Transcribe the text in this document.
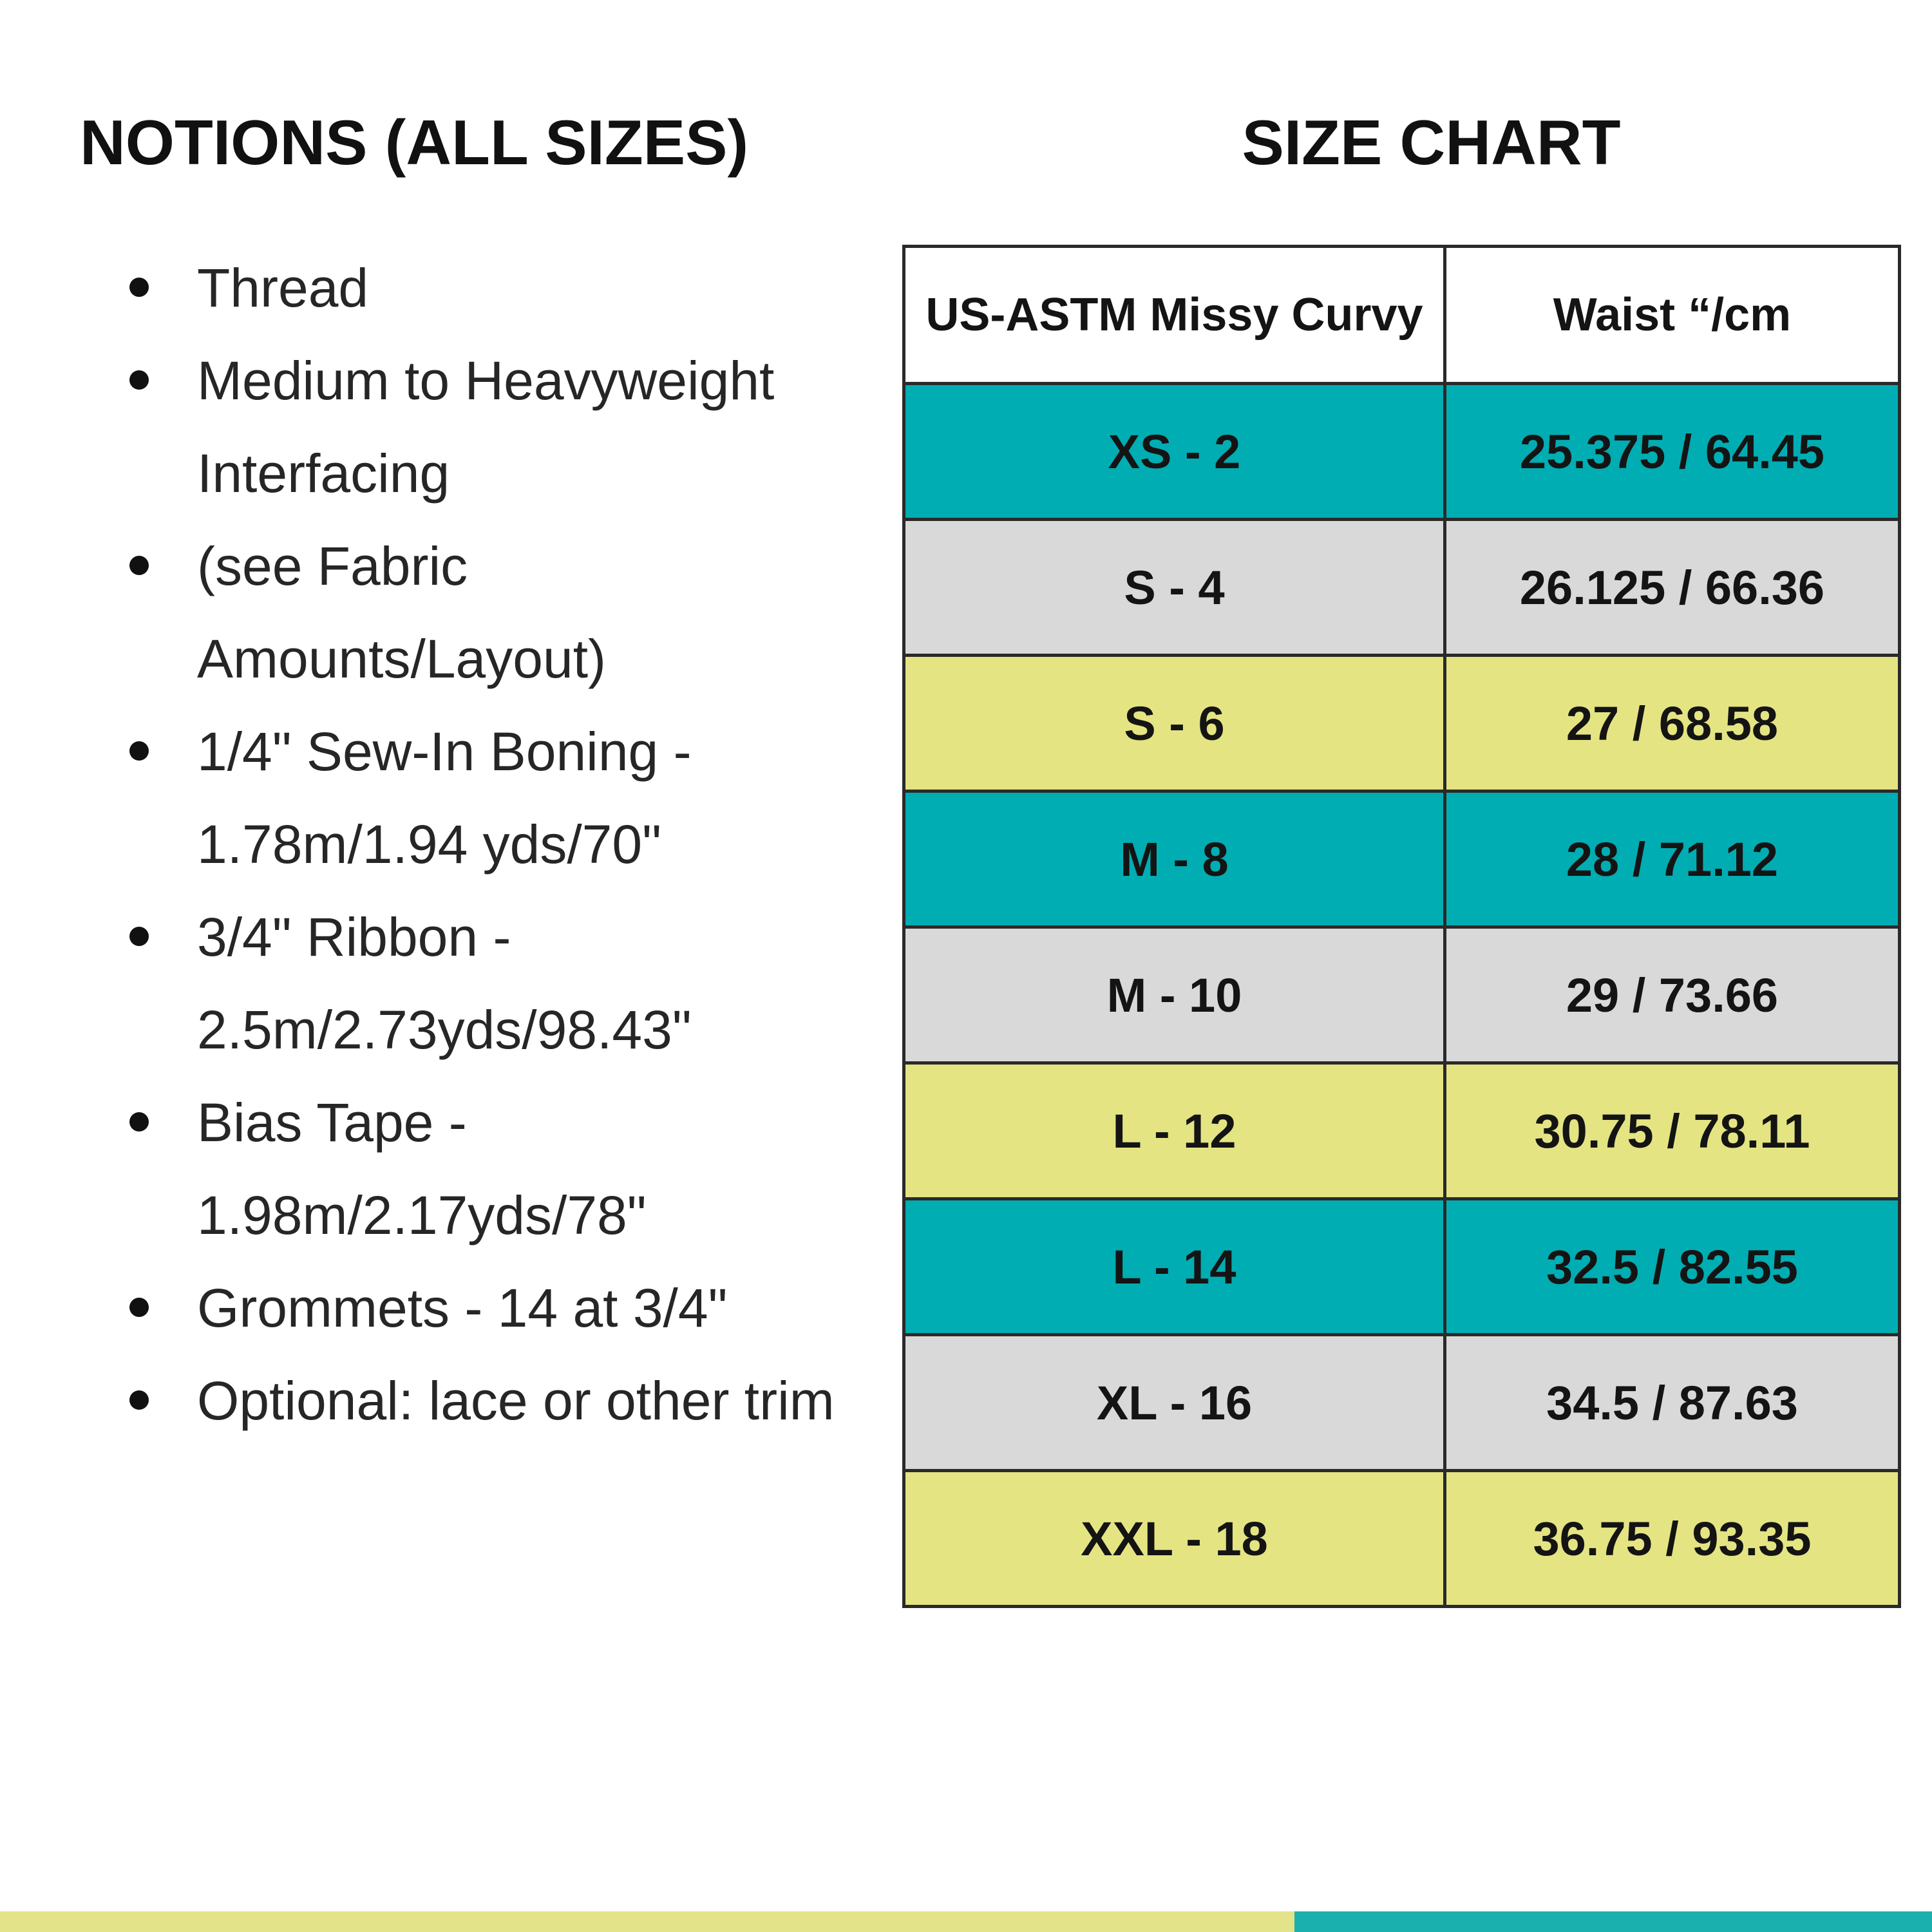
NOTIONS (ALL SIZES)
Thread
Medium to Heavyweight Interfacing
(see Fabric Amounts/Layout)
1/4" Sew-In Boning - 1.78m/1.94 yds/70"
3/4" Ribbon - 2.5m/2.73yds/98.43"
Bias Tape - 1.98m/2.17yds/78"
Grommets - 14 at 3/4"
Optional: lace or other trim
SIZE CHART
US-ASTM Missy Curvy	Waist “/cm
XS - 2	25.375 / 64.45
S - 4	26.125 / 66.36
S - 6	27 / 68.58
M - 8	28 / 71.12
M - 10	29 / 73.66
L - 12	30.75 / 78.11
L - 14	32.5 / 82.55
XL - 16	34.5 / 87.63
XXL - 18	36.75 / 93.35
